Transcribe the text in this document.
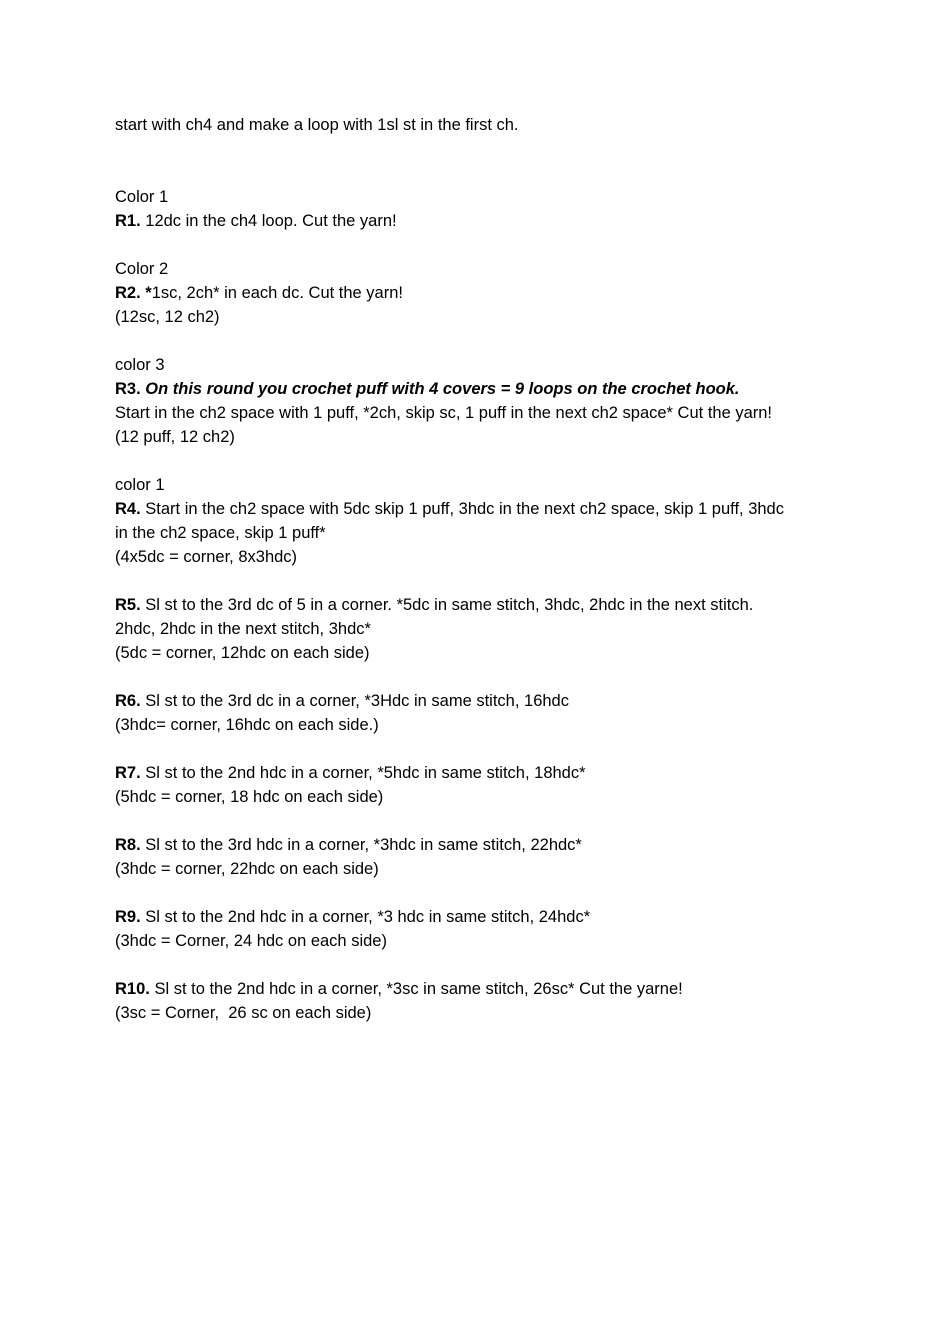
start with ch4 and make a loop with 1sl st in the first ch.
Color 1
R1. 12dc in the ch4 loop. Cut the yarn!
Color 2
R2. *1sc, 2ch* in each dc. Cut the yarn!
(12sc, 12 ch2)
color 3
R3. On this round you crochet puff with 4 covers = 9 loops on the crochet hook.
Start in the ch2 space with 1 puff, *2ch, skip sc, 1 puff in the next ch2 space* Cut the yarn!
(12 puff, 12 ch2)
color 1
R4. Start in the ch2 space with 5dc skip 1 puff, 3hdc in the next ch2 space, skip 1 puff, 3hdc
in the ch2 space, skip 1 puff*
(4x5dc = corner, 8x3hdc)
R5. Sl st to the 3rd dc of 5 in a corner. *5dc in same stitch, 3hdc, 2hdc in the next stitch.
2hdc, 2hdc in the next stitch, 3hdc*
(5dc = corner, 12hdc on each side)
R6. Sl st to the 3rd dc in a corner, *3Hdc in same stitch, 16hdc
(3hdc= corner, 16hdc on each side.)
R7. Sl st to the 2nd hdc in a corner, *5hdc in same stitch, 18hdc*
(5hdc = corner, 18 hdc on each side)
R8. Sl st to the 3rd hdc in a corner, *3hdc in same stitch, 22hdc*
(3hdc = corner, 22hdc on each side)
R9. Sl st to the 2nd hdc in a corner, *3 hdc in same stitch, 24hdc*
(3hdc = Corner, 24 hdc on each side)
R10. Sl st to the 2nd hdc in a corner, *3sc in same stitch, 26sc* Cut the yarne!
(3sc = Corner,  26 sc on each side)
